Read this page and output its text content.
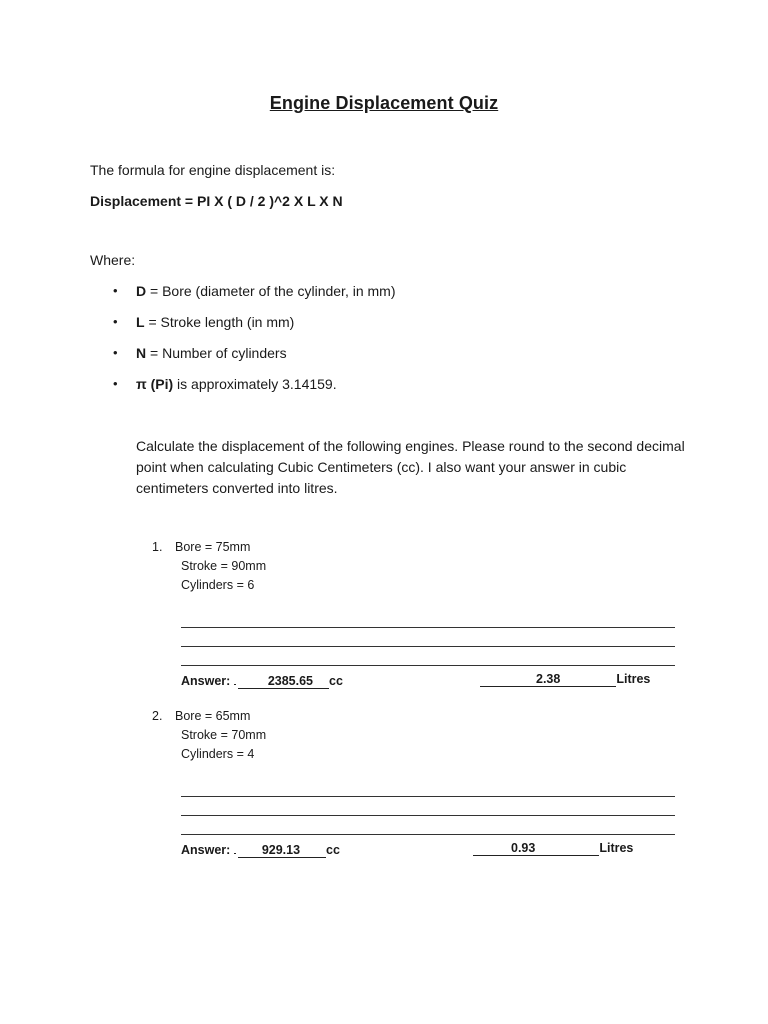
Engine Displacement Quiz
The formula for engine displacement is:
Displacement = PI X ( D / 2 )^2 X L X N
Where:
• D = Bore (diameter of the cylinder, in mm)
• L = Stroke length (in mm)
• N = Number of cylinders
• π (Pi) is approximately 3.14159.
Calculate the displacement of the following engines. Please round to the second decimal point when calculating Cubic Centimeters (cc). I also want your answer in cubic centimeters converted into litres.
1. Bore = 75mm
Stroke = 90mm
Cylinders = 6
Answer:	2385.65 cc	2.38	Litres
2. Bore = 65mm
Stroke = 70mm
Cylinders = 4
Answer:	929.13 cc	0.93	Litres
